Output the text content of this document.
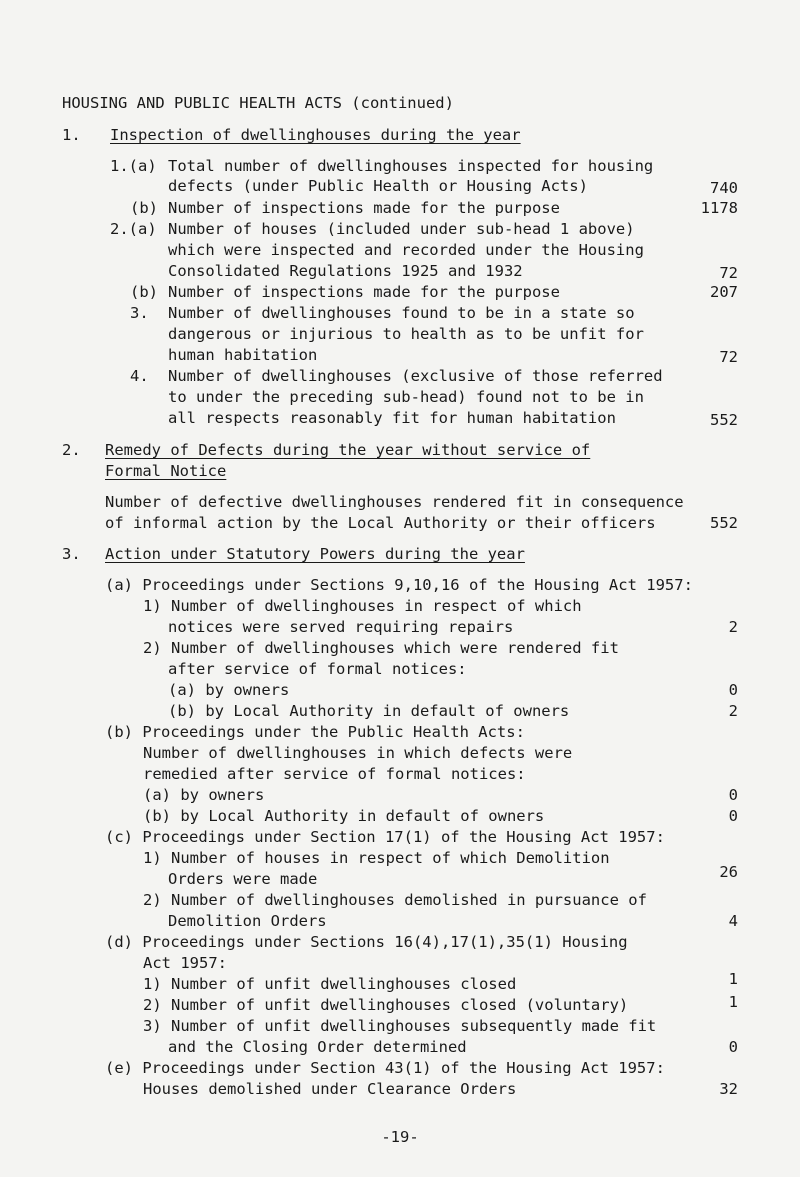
HOUSING AND PUBLIC HEALTH ACTS (continued)
1. Inspection of dwellinghouses during the year
1.(a) Total number of dwellinghouses inspected for housing
defects (under Public Health or Housing Acts)	740
(b) Number of inspections made for the purpose	1178
2.(a) Number of houses (included under sub-head 1 above)
which were inspected and recorded under the Housing
Consolidated Regulations 1925 and 1932	72
(b) Number of inspections made for the purpose	207
3. Number of dwellinghouses found to be in a state so
dangerous or injurious to health as to be unfit for
human habitation	72
4. Number of dwellinghouses (exclusive of those referred
to under the preceding sub-head) found not to be in
all respects reasonably fit for human habitation	552
2. Remedy of Defects during the year without service of
Formal Notice
Number of defective dwellinghouses rendered fit in consequence
of informal action by the Local Authority or their officers	552
3. Action under Statutory Powers during the year
(a) Proceedings under Sections 9,10,16 of the Housing Act 1957:
1) Number of dwellinghouses in respect of which
notices were served requiring repairs	2
2) Number of dwellinghouses which were rendered fit
after service of formal notices:
(a) by owners	0
(b) by Local Authority in default of owners	2
(b) Proceedings under the Public Health Acts:
Number of dwellinghouses in which defects were
remedied after service of formal notices:
(a) by owners	0
(b) by Local Authority in default of owners	0
(c) Proceedings under Section 17(1) of the Housing Act 1957:
1) Number of houses in respect of which Demolition
Orders were made	26
2) Number of dwellinghouses demolished in pursuance of
Demolition Orders	4
(d) Proceedings under Sections 16(4),17(1),35(1) Housing
Act 1957:
1) Number of unfit dwellinghouses closed	1
2) Number of unfit dwellinghouses closed (voluntary)	1
3) Number of unfit dwellinghouses subsequently made fit
and the Closing Order determined	0
(e) Proceedings under Section 43(1) of the Housing Act 1957:
Houses demolished under Clearance Orders	32
-19-
